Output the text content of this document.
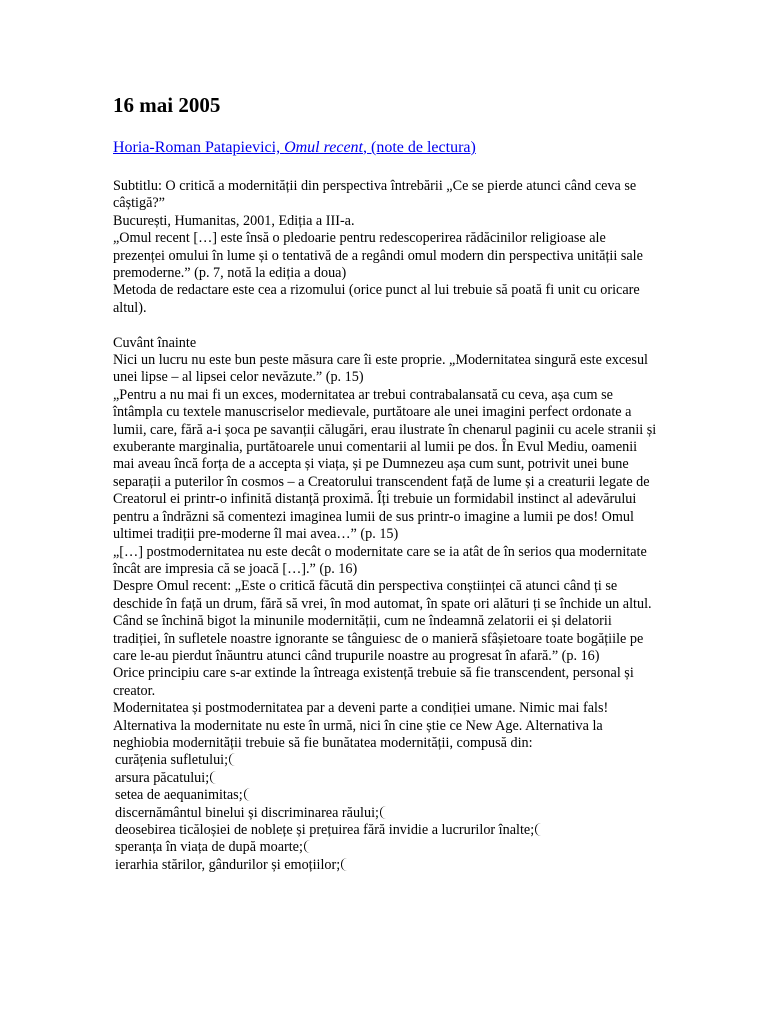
16 mai 2005
Horia-Roman Patapievici, Omul recent, (note de lectura)

Subtitlu: O critică a modernității din perspectiva întrebării „Ce se pierde atunci când ceva se câștigă?”

București, Humanitas, 2001, Ediția a III-a.

„Omul recent […] este însă o pledoarie pentru redescoperirea rădăcinilor religioase ale prezenței omului în lume și o tentativă de a regândi omul modern din perspectiva unității sale premoderne.” (p. 7, notă la ediția a doua)

Metoda de redactare este cea a rizomului (orice punct al lui trebuie să poată fi unit cu oricare altul).

Cuvânt înainte

Nici un lucru nu este bun peste măsura care îi este proprie. „Modernitatea singură este excesul unei lipse – al lipsei celor nevăzute.” (p. 15)

„Pentru a nu mai fi un exces, modernitatea ar trebui contrabalansată cu ceva, așa cum se întâmpla cu textele manuscriselor medievale, purtătoare ale unei imagini perfect ordonate a lumii, care, fără a-i șoca pe savanții călugări, erau ilustrate în chenarul paginii cu acele stranii și exuberante marginalia, purtătoarele unui comentarii al lumii pe dos. În Evul Mediu, oamenii mai aveau încă forța de a accepta și viața, și pe Dumnezeu așa cum sunt, potrivit unei bune separații a puterilor în cosmos – a Creatorului transcendent față de lume și a creaturii legate de Creatorul ei printr-o infinită distanță proximă. Îți trebuie un formidabil instinct al adevărului pentru a îndrăzni să comentezi imaginea lumii de sus printr-o imagine a lumii pe dos! Omul ultimei tradiții pre-moderne îl mai avea…” (p. 15)

„[…] postmodernitatea nu este decât o modernitate care se ia atât de în serios qua modernitate încât are impresia că se joacă […].” (p. 16)

Despre Omul recent: „Este o critică făcută din perspectiva conștiinței că atunci când ți se deschide în față un drum, fără să vrei, în mod automat, în spate ori alături ți se închide un altul. Când se închină bigot la minunile modernității, cum ne îndeamnă zelatorii ei și delatorii tradiției, în sufletele noastre ignorante se tânguiesc de o manieră sfâșietoare toate bogățiile pe care le-au pierdut înăuntru atunci când trupurile noastre au progresat în afară.” (p. 16)

Orice principiu care s-ar extinde la întreaga existență trebuie să fie transcendent, personal și creator.

Modernitatea și postmodernitatea par a deveni parte a condiției umane. Nimic mai fals! Alternativa la modernitate nu este în urmă, nici în cine știe ce New Age. Alternativa la neghiobia modernității trebuie să fie bunătatea modernității, compusă din:

curățenia sufletului;
arsura păcatului;
setea de aequanimitas;
discernământul binelui și discriminarea răului;
deosebirea ticăloșiei de noblețe și prețuirea fără invidie a lucrurilor înalte;
speranța în viața de după moarte;
ierarhia stărilor, gândurilor și emoțiilor;
